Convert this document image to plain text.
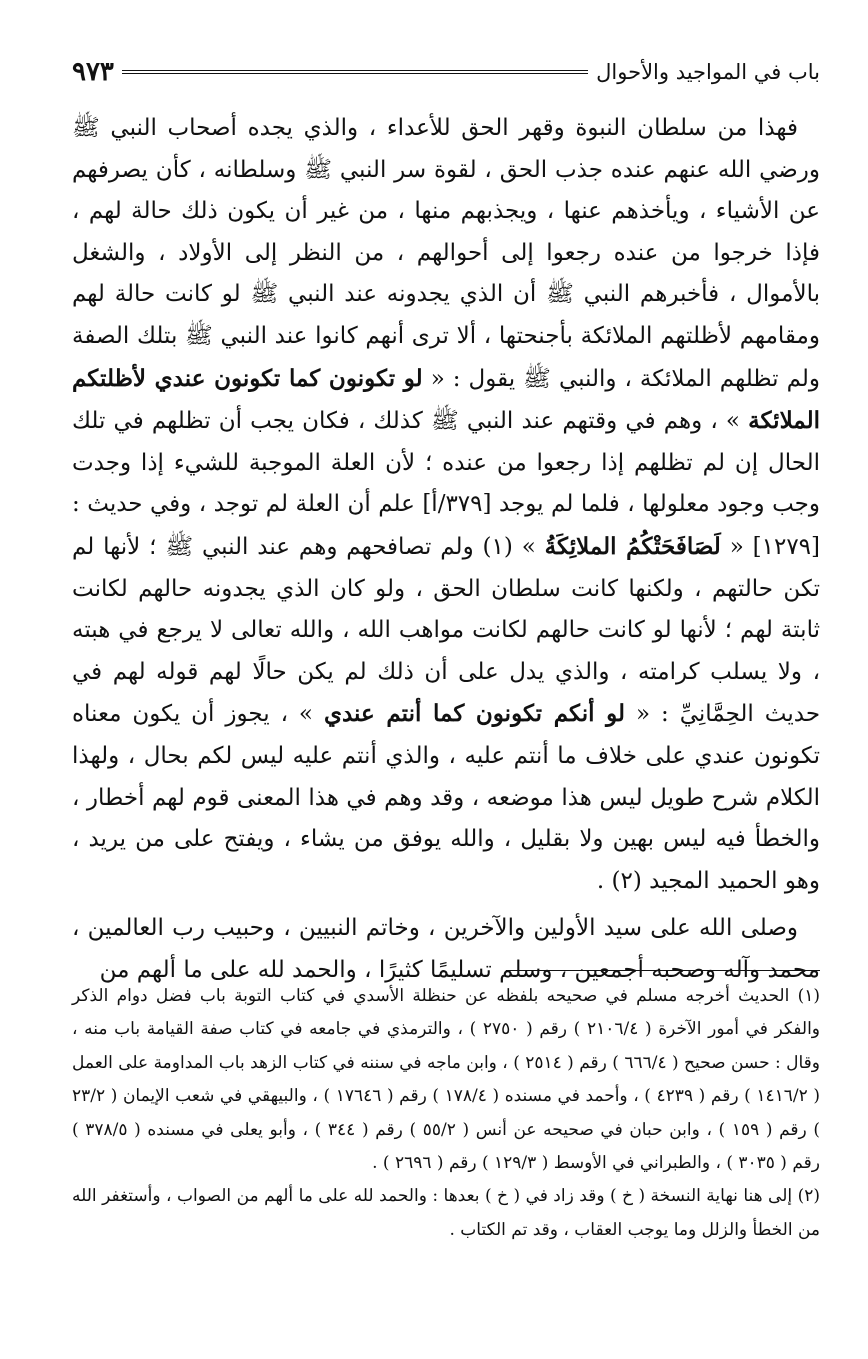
باب في المواجيد والأحوال
٩٧٣

فهذا من سلطان النبوة وقهر الحق للأعداء ، والذي يجده أصحاب النبي ﷺ ورضي الله عنهم عنده جذب الحق ، لقوة سر النبي ﷺ وسلطانه ، كأن يصرفهم عن الأشياء ، ويأخذهم عنها ، ويجذبهم منها ، من غير أن يكون ذلك حالة لهم ، فإذا خرجوا من عنده رجعوا إلى أحوالهم ، من النظر إلى الأولاد ، والشغل بالأموال ، فأخبرهم النبي ﷺ أن الذي يجدونه عند النبي ﷺ لو كانت حالة لهم ومقامهم لأظلتهم الملائكة بأجنحتها ، ألا ترى أنهم كانوا عند النبي ﷺ بتلك الصفة ولم تظلهم الملائكة ، والنبي ﷺ يقول : « لو تكونون كما تكونون عندي لأظلتكم الملائكة » ، وهم في وقتهم عند النبي ﷺ كذلك ، فكان يجب أن تظلهم في تلك الحال إن لم تظلهم إذا رجعوا من عنده ؛ لأن العلة الموجبة للشيء إذا وجدت وجب وجود معلولها ، فلما لم يوجد [٣٧٩/أ] علم أن العلة لم توجد ، وفي حديث : [١٢٧٩] « لَصَافَحَتْكُمُ الملائِكَةُ » (١) ولم تصافحهم وهم عند النبي ﷺ ؛ لأنها لم تكن حالتهم ، ولكنها كانت سلطان الحق ، ولو كان الذي يجدونه حالهم لكانت ثابتة لهم ؛ لأنها لو كانت حالهم لكانت مواهب الله ، والله تعالى لا يرجع في هبته ، ولا يسلب كرامته ، والذي يدل على أن ذلك لم يكن حالًا لهم قوله لهم في حديث الحِمَّانِيِّ : « لو أنكم تكونون كما أنتم عندي » ، يجوز أن يكون معناه تكونون عندي على خلاف ما أنتم عليه ، والذي أنتم عليه ليس لكم بحال ، ولهذا الكلام شرح طويل ليس هذا موضعه ، وقد وهم في هذا المعنى قوم لهم أخطار ، والخطأ فيه ليس بهين ولا بقليل ، والله يوفق من يشاء ، ويفتح على من يريد ، وهو الحميد المجيد (٢) .

وصلى الله على سيد الأولين والآخرين ، وخاتم النبيين ، وحبيب رب العالمين ، محمد وآله وصحبه أجمعين ، وسلم تسليمًا كثيرًا ، والحمد لله على ما ألهم من

(١) الحديث أخرجه مسلم في صحيحه بلفظه عن حنظلة الأسدي في كتاب التوبة باب فضل دوام الذكر والفكر في أمور الآخرة ( ٢١٠٦/٤ ) رقم ( ٢٧٥٠ ) ، والترمذي في جامعه في كتاب صفة القيامة باب منه ، وقال : حسن صحيح ( ٦٦٦/٤ ) رقم ( ٢٥١٤ ) ، وابن ماجه في سننه في كتاب الزهد باب المداومة على العمل ( ١٤١٦/٢ ) رقم ( ٤٢٣٩ ) ، وأحمد في مسنده ( ١٧٨/٤ ) رقم ( ١٧٦٤٦ ) ، والبيهقي في شعب الإيمان ( ٢٣/٢ ) رقم ( ١٥٩ ) ، وابن حبان في صحيحه عن أنس ( ٥٥/٢ ) رقم ( ٣٤٤ ) ، وأبو يعلى في مسنده ( ٣٧٨/٥ ) رقم ( ٣٠٣٥ ) ، والطبراني في الأوسط ( ١٢٩/٣ ) رقم ( ٢٦٩٦ ) .

(٢) إلى هنا نهاية النسخة ( خ ) وقد زاد في ( خ ) بعدها : والحمد لله على ما ألهم من الصواب ، وأستغفر الله من الخطأ والزلل وما يوجب العقاب ، وقد تم الكتاب .
